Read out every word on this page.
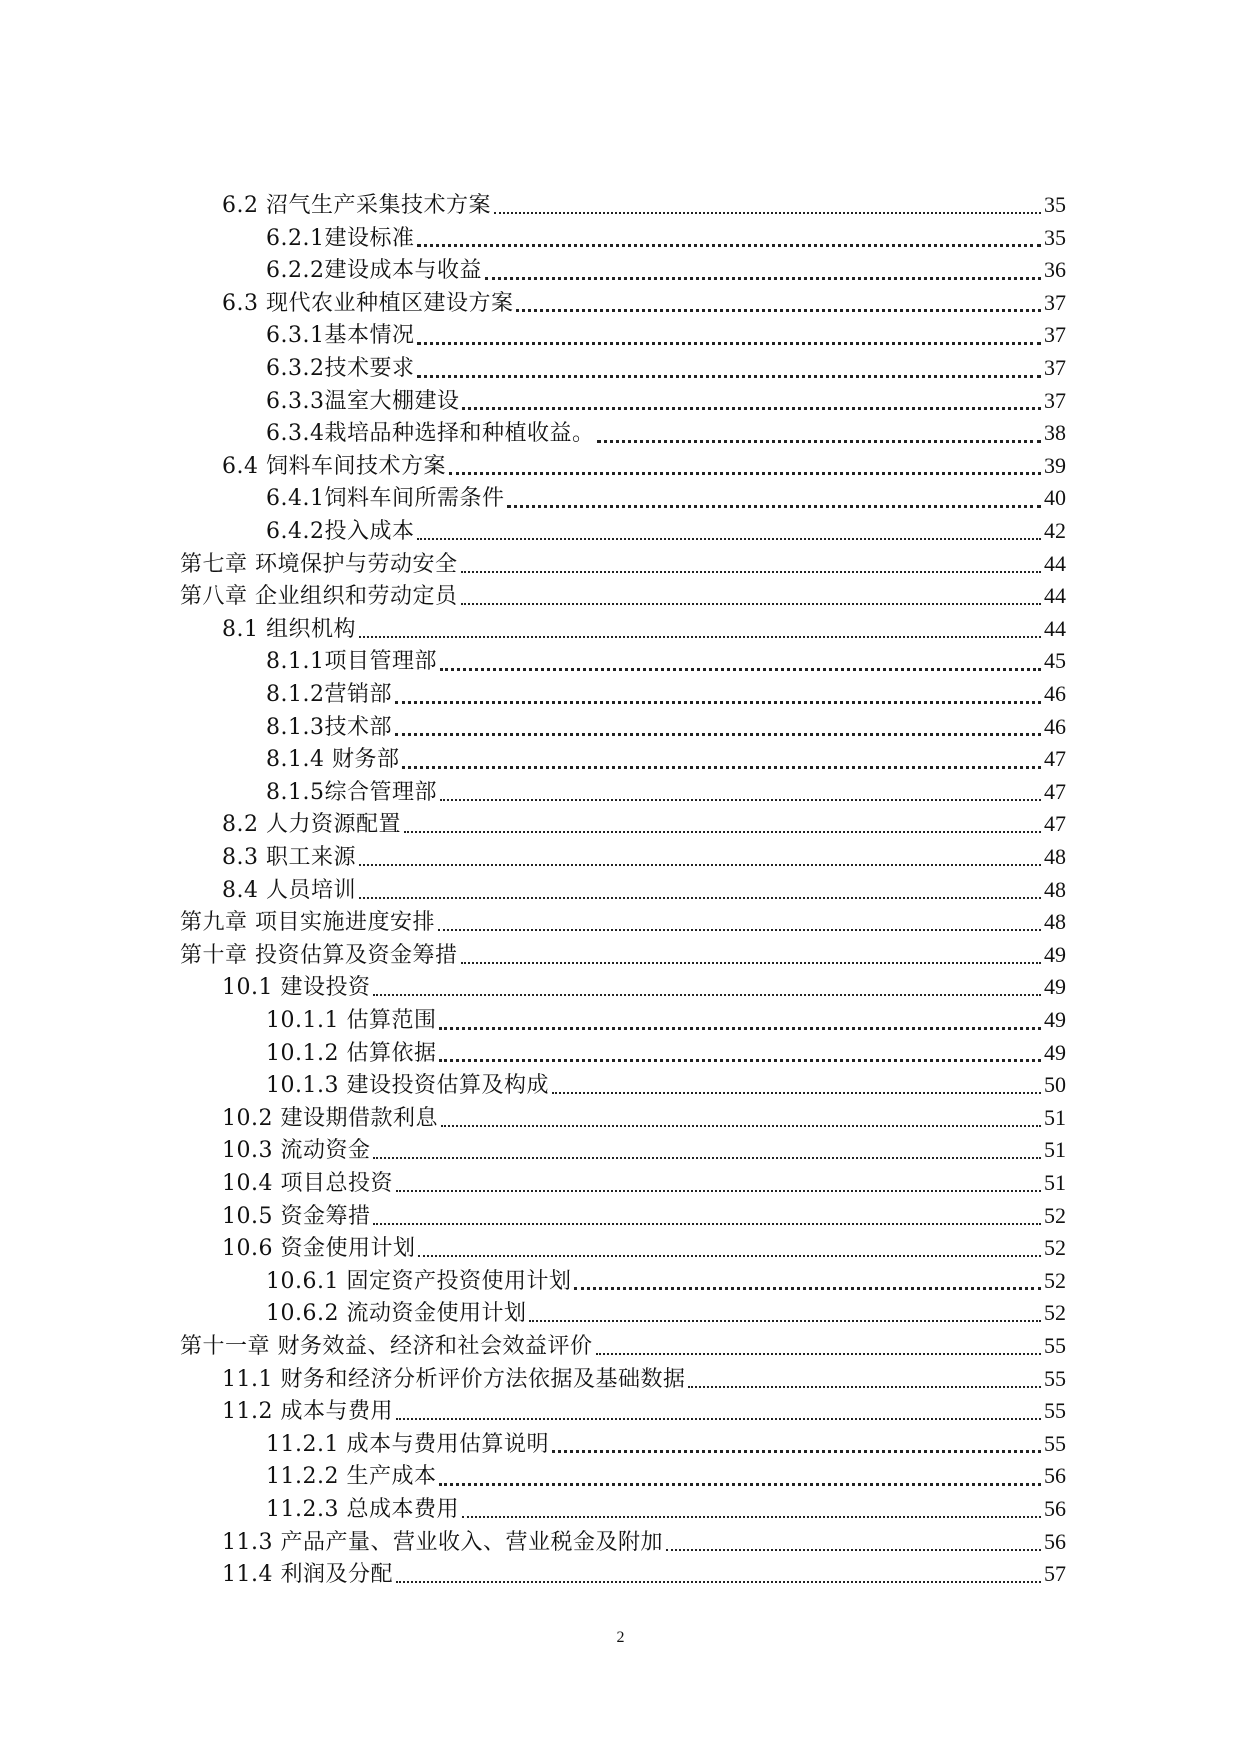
6.2 沼气生产采集技术方案	35
6.2.1建设标准	35
6.2.2建设成本与收益	36
6.3 现代农业种植区建设方案	37
6.3.1基本情况	37
6.3.2技术要求	37
6.3.3温室大棚建设	37
6.3.4栽培品种选择和种植收益。	38
6.4 饲料车间技术方案	39
6.4.1饲料车间所需条件	40
6.4.2投入成本	42
第七章 环境保护与劳动安全	44
第八章 企业组织和劳动定员	44
8.1 组织机构	44
8.1.1项目管理部	45
8.1.2营销部	46
8.1.3技术部	46
8.1.4 财务部	47
8.1.5综合管理部	47
8.2 人力资源配置	47
8.3 职工来源	48
8.4 人员培训	48
第九章 项目实施进度安排	48
第十章 投资估算及资金筹措	49
10.1 建设投资	49
10.1.1 估算范围	49
10.1.2 估算依据	49
10.1.3 建设投资估算及构成	50
10.2 建设期借款利息	51
10.3 流动资金	51
10.4 项目总投资	51
10.5 资金筹措	52
10.6 资金使用计划	52
10.6.1 固定资产投资使用计划	52
10.6.2 流动资金使用计划	52
第十一章 财务效益、经济和社会效益评价	55
11.1 财务和经济分析评价方法依据及基础数据	55
11.2 成本与费用	55
11.2.1 成本与费用估算说明	55
11.2.2 生产成本	56
11.2.3 总成本费用	56
11.3 产品产量、营业收入、营业税金及附加	56
11.4 利润及分配	57
2
